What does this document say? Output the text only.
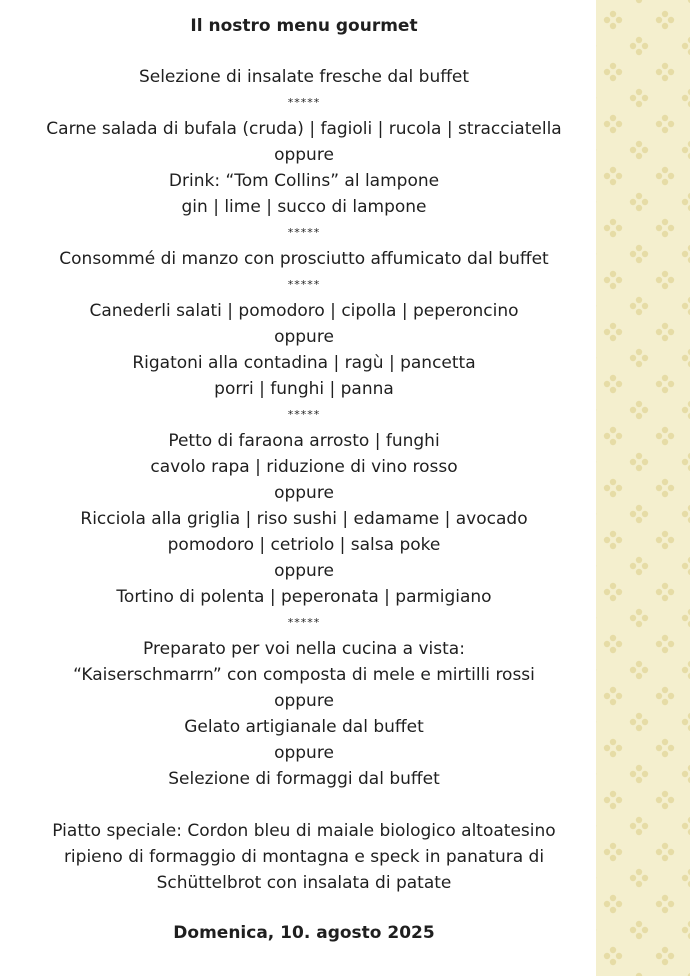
Il nostro menu gourmet
Selezione di insalate fresche dal buffet
*****
Carne salada di bufala (cruda) | fagioli | rucola | stracciatella
oppure
Drink: “Tom Collins” al lampone
gin | lime | succo di lampone
*****
Consommé di manzo con prosciutto affumicato dal buffet
*****
Canederli salati | pomodoro | cipolla | peperoncino
oppure
Rigatoni alla contadina | ragù | pancetta
porri | funghi | panna
*****
Petto di faraona arrosto | funghi
cavolo rapa | riduzione di vino rosso
oppure
Ricciola alla griglia | riso sushi | edamame | avocado
pomodoro | cetriolo | salsa poke
oppure
Tortino di polenta | peperonata | parmigiano
*****
Preparato per voi nella cucina a vista:
“Kaiserschmarrn” con composta di mele e mirtilli rossi
oppure
Gelato artigianale dal buffet
oppure
Selezione di formaggi dal buffet
Piatto speciale: Cordon bleu di maiale biologico altoatesino
ripieno di formaggio di montagna e speck in panatura di
Schüttelbrot con insalata di patate
Domenica, 10. agosto 2025
